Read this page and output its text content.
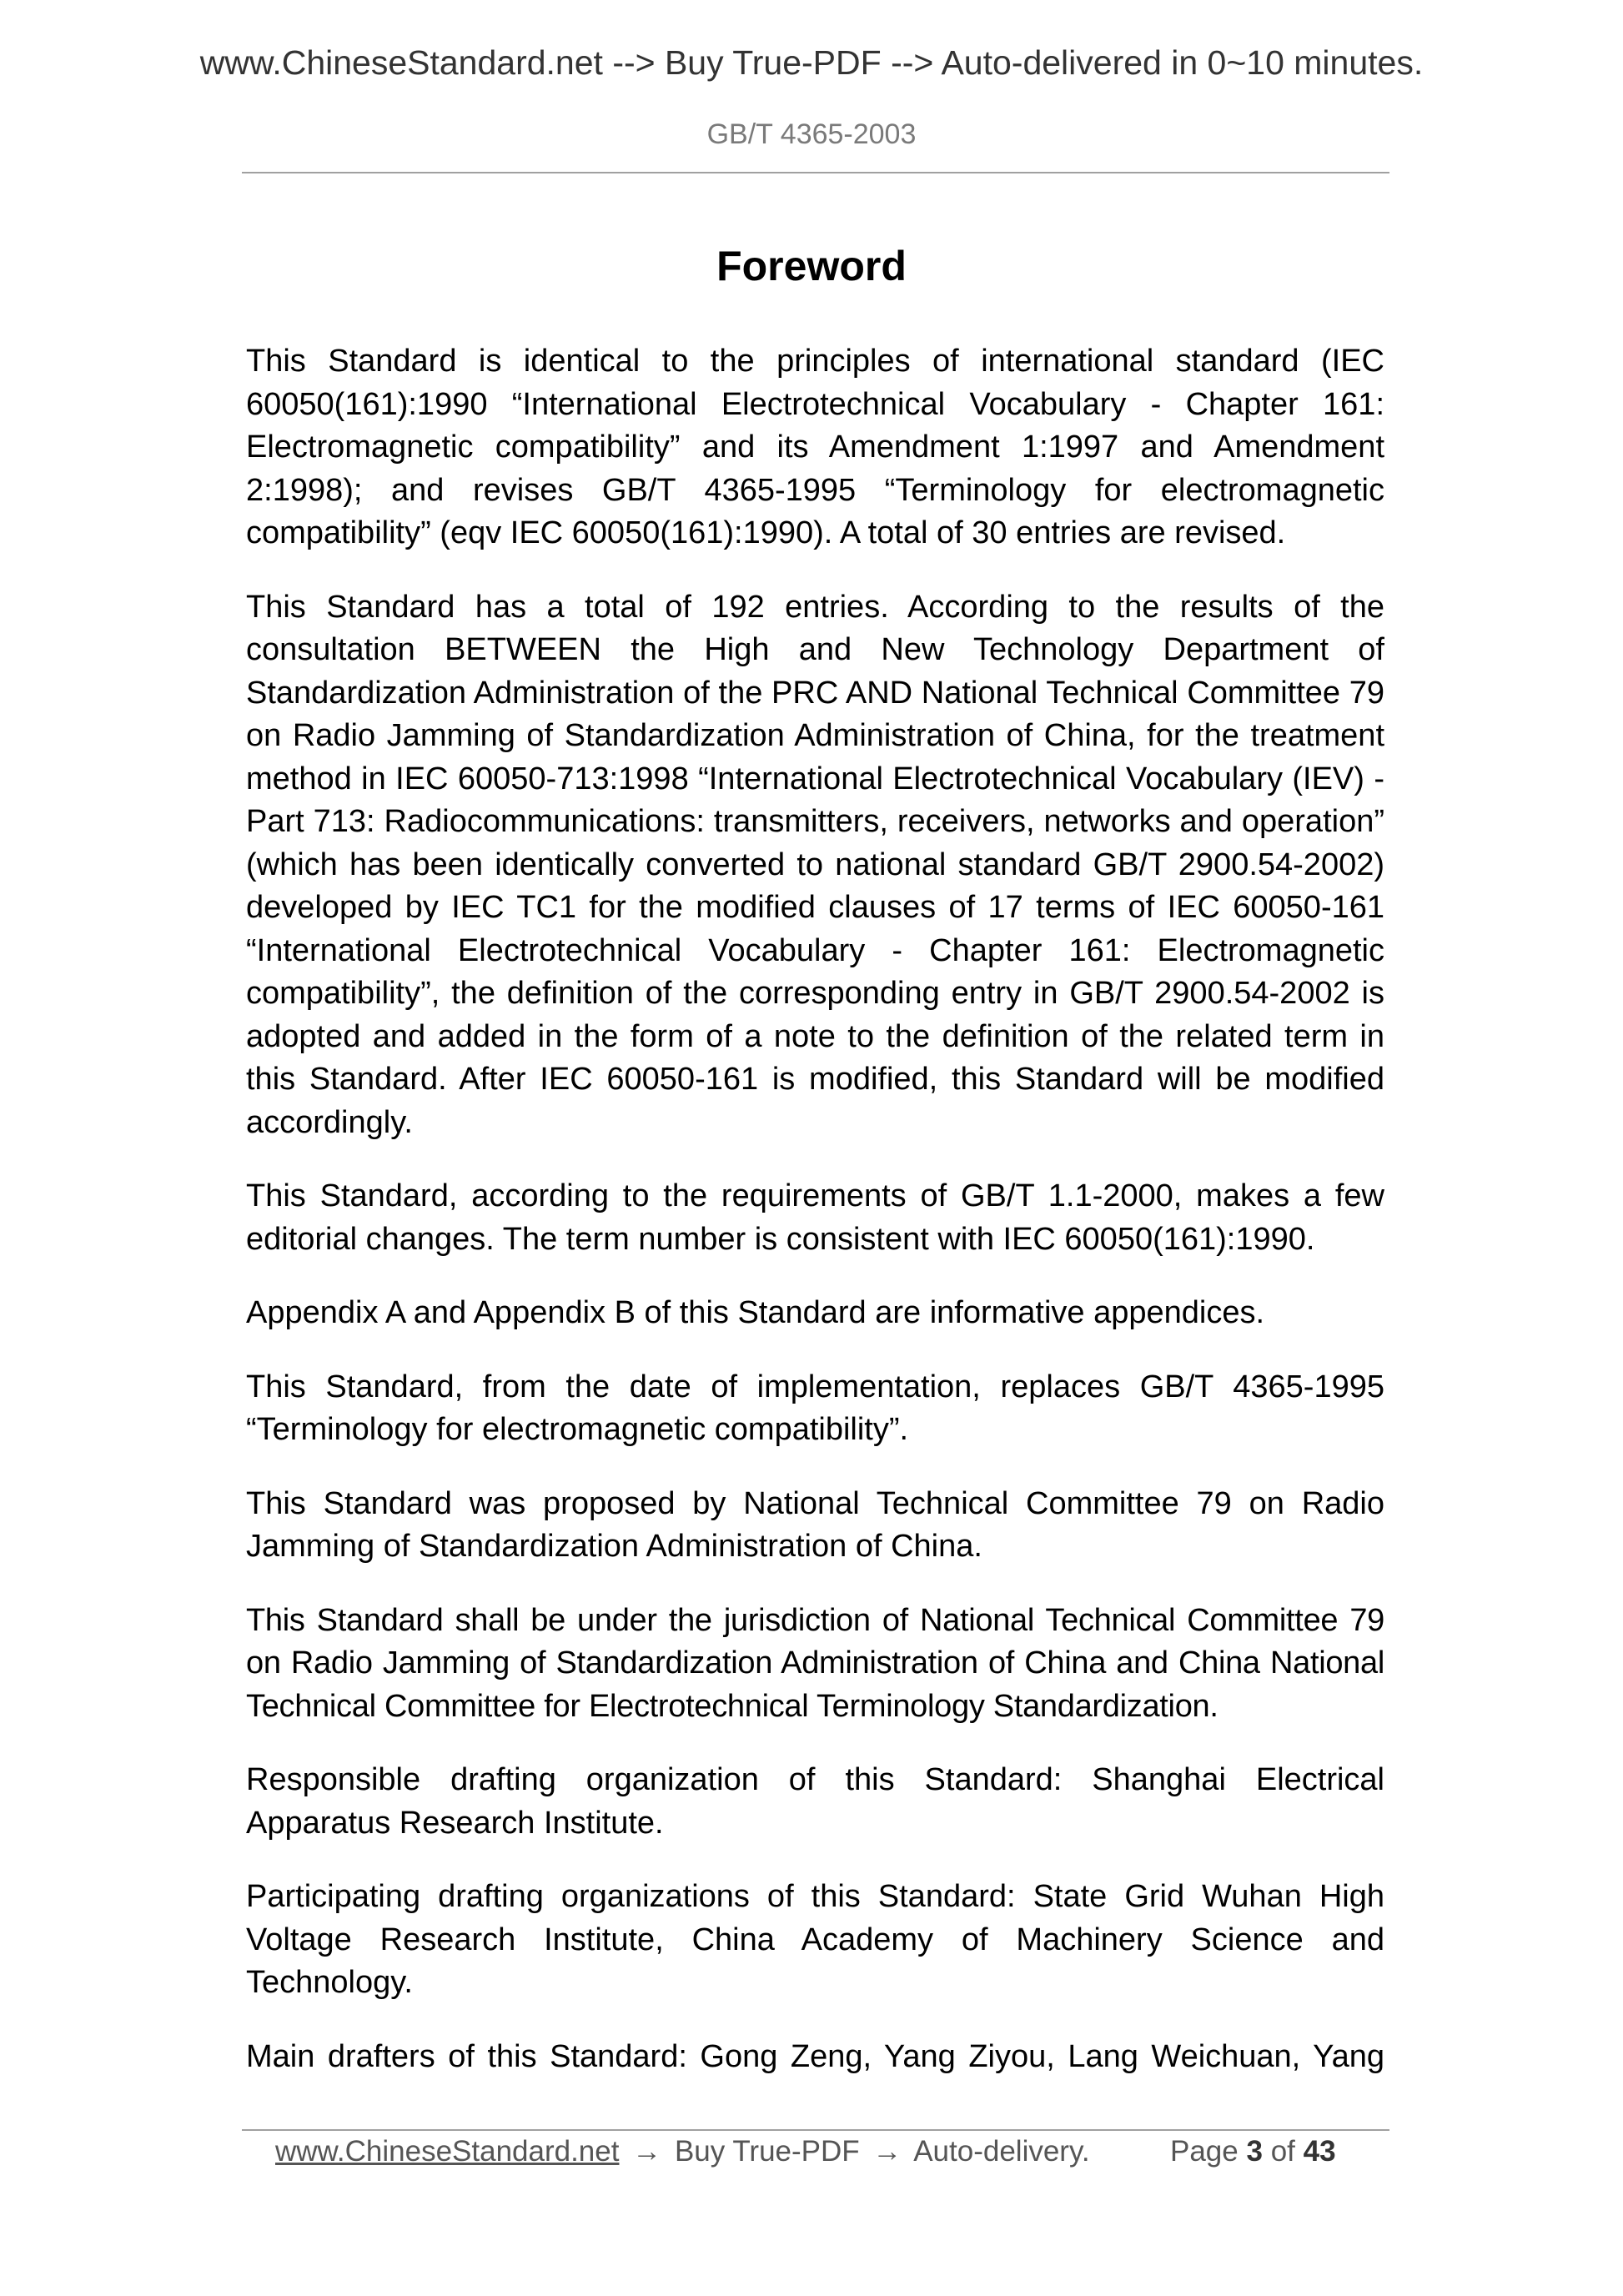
www.ChineseStandard.net --> Buy True-PDF --> Auto-delivered in 0~10 minutes.
GB/T 4365-2003
Foreword

This Standard is identical to the principles of international standard (IEC 60050(161):1990 “International Electrotechnical Vocabulary - Chapter 161: Electromagnetic compatibility” and its Amendment 1:1997 and Amendment 2:1998); and revises GB/T 4365-1995 “Terminology for electromagnetic compatibility” (eqv IEC 60050(161):1990). A total of 30 entries are revised.

This Standard has a total of 192 entries. According to the results of the consultation BETWEEN the High and New Technology Department of Standardization Administration of the PRC AND National Technical Committee 79 on Radio Jamming of Standardization Administration of China, for the treatment method in IEC 60050-713:1998 “International Electrotechnical Vocabulary (IEV) - Part 713: Radiocommunications: transmitters, receivers, networks and operation” (which has been identically converted to national standard GB/T 2900.54-2002) developed by IEC TC1 for the modified clauses of 17 terms of IEC 60050-161 “International Electrotechnical Vocabulary - Chapter 161: Electromagnetic compatibility”, the definition of the corresponding entry in GB/T 2900.54-2002 is adopted and added in the form of a note to the definition of the related term in this Standard. After IEC 60050-161 is modified, this Standard will be modified accordingly.

This Standard, according to the requirements of GB/T 1.1-2000, makes a few editorial changes. The term number is consistent with IEC 60050(161):1990.

Appendix A and Appendix B of this Standard are informative appendices.

This Standard, from the date of implementation, replaces GB/T 4365-1995 “Terminology for electromagnetic compatibility”.

This Standard was proposed by National Technical Committee 79 on Radio Jamming of Standardization Administration of China.

This Standard shall be under the jurisdiction of National Technical Committee 79 on Radio Jamming of Standardization Administration of China and China National Technical Committee for Electrotechnical Terminology Standardization.

Responsible drafting organization of this Standard: Shanghai Electrical Apparatus Research Institute.

Participating drafting organizations of this Standard: State Grid Wuhan High Voltage Research Institute, China Academy of Machinery Science and Technology.

Main drafters of this Standard: Gong Zeng, Yang Ziyou, Lang Weichuan, Yang

www.ChineseStandard.net → Buy True-PDF → Auto-delivery.	Page 3 of 43
